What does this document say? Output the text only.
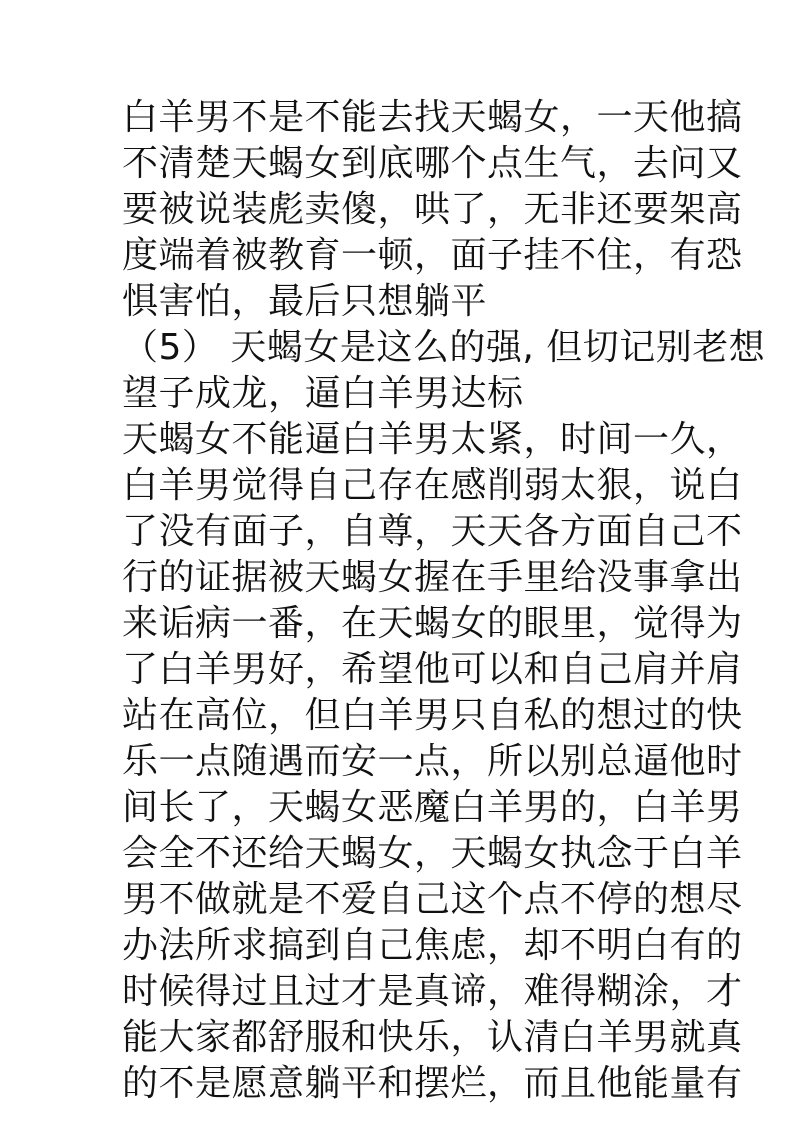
白羊男不是不能去找天蝎女，一天他搞
不清楚天蝎女到底哪个点生气，去问又
要被说装彪卖傻，哄了，无非还要架高
度端着被教育一顿，面子挂不住，有恐
惧害怕，最后只想躺平
（5） 天蝎女是这么的强, 但切记别老想
望子成龙，逼白羊男达标
天蝎女不能逼白羊男太紧，时间一久，
白羊男觉得自己存在感削弱太狠，说白
了没有面子，自尊，天天各方面自己不
行的证据被天蝎女握在手里给没事拿出
来诟病一番，在天蝎女的眼里，觉得为
了白羊男好，希望他可以和自己肩并肩
站在高位，但白羊男只自私的想过的快
乐一点随遇而安一点，所以别总逼他时
间长了，天蝎女恶魔白羊男的，白羊男
会全不还给天蝎女，天蝎女执念于白羊
男不做就是不爱自己这个点不停的想尽
办法所求搞到自己焦虑，却不明白有的
时候得过且过才是真谛，难得糊涂，才
能大家都舒服和快乐，认清白羊男就真
的不是愿意躺平和摆烂，而且他能量有
